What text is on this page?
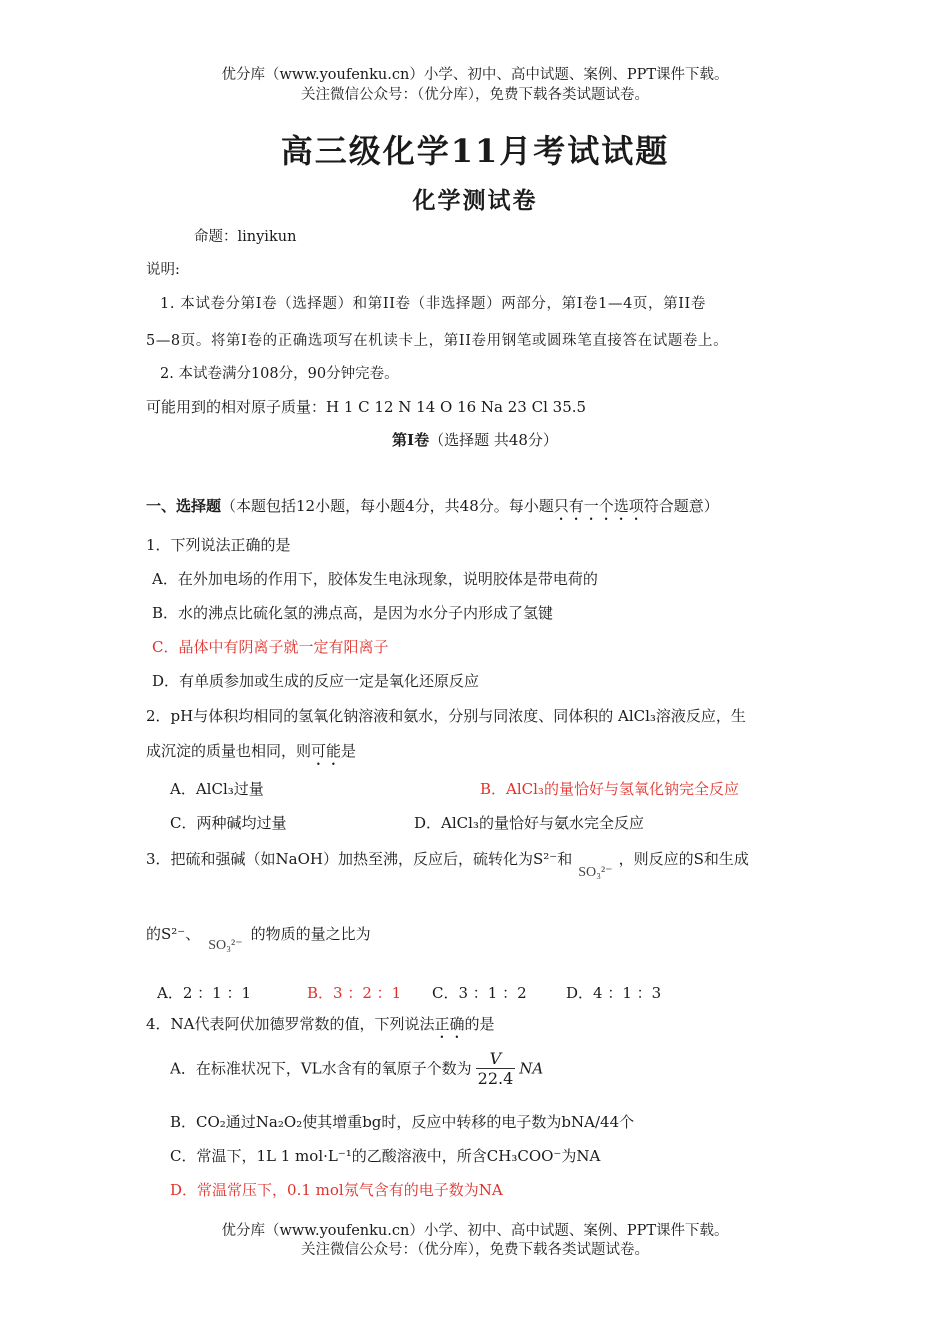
优分库（www.youfenku.cn）小学、初中、高中试题、案例、PPT课件下载。
关注微信公众号：（优分库），免费下载各类试题试卷。
高三级化学11月考试试题
化学测试卷
命题：linyikun
说明:
1. 本试卷分第Ⅰ卷（选择题）和第II卷（非选择题）两部分，第Ⅰ卷1—4页，第II卷
5—8页。将第Ⅰ卷的正确选项写在机读卡上，第II卷用钢笔或圆珠笔直接答在试题卷上。
2. 本试卷满分108分，90分钟完卷。
可能用到的相对原子质量：H 1 C 12 N 14 O 16 Na 23 Cl 35.5
第Ⅰ卷（选择题 共48分）
一、选择题（本题包括12小题，每小题4分，共48分。每小题只有一个选项符合题意）
1．下列说法正确的是
A．在外加电场的作用下，胶体发生电泳现象，说明胶体是带电荷的
B．水的沸点比硫化氢的沸点高，是因为水分子内形成了氢键
C．晶体中有阴离子就一定有阳离子
D．有单质参加或生成的反应一定是氧化还原反应
2．pH与体积均相同的氢氧化钠溶液和氨水，分别与同浓度、同体积的 AlCl₃溶液反应，生
成沉淀的质量也相同，则可能是
A．AlCl₃过量	B．AlCl₃的量恰好与氢氧化钠完全反应
C．两种碱均过量	D．AlCl₃的量恰好与氨水完全反应
3．把硫和强碱（如NaOH）加热至沸，反应后，硫转化为S²⁻和SO₃²⁻，则反应的S和生成
的S²⁻、SO₃²⁻的物质的量之比为
A．2 ：1 ：1	B．3 ：2 ：1 C．3 ：1 ：2	D．4 ：1 ：3
4．NA代表阿伏加德罗常数的值，下列说法正确的是
A．在标准状况下，VL水含有的氧原子个数为 $\frac{V}{22.4}$ NA
B．CO₂通过Na₂O₂使其增重bg时，反应中转移的电子数为bNA/44个
C．常温下，1L 1 mol·L⁻¹的乙酸溶液中，所含CH₃COO⁻为NA
D．常温常压下，0.1 mol氖气含有的电子数为NA
优分库（www.youfenku.cn）小学、初中、高中试题、案例、PPT课件下载。
关注微信公众号：（优分库），免费下载各类试题试卷。
